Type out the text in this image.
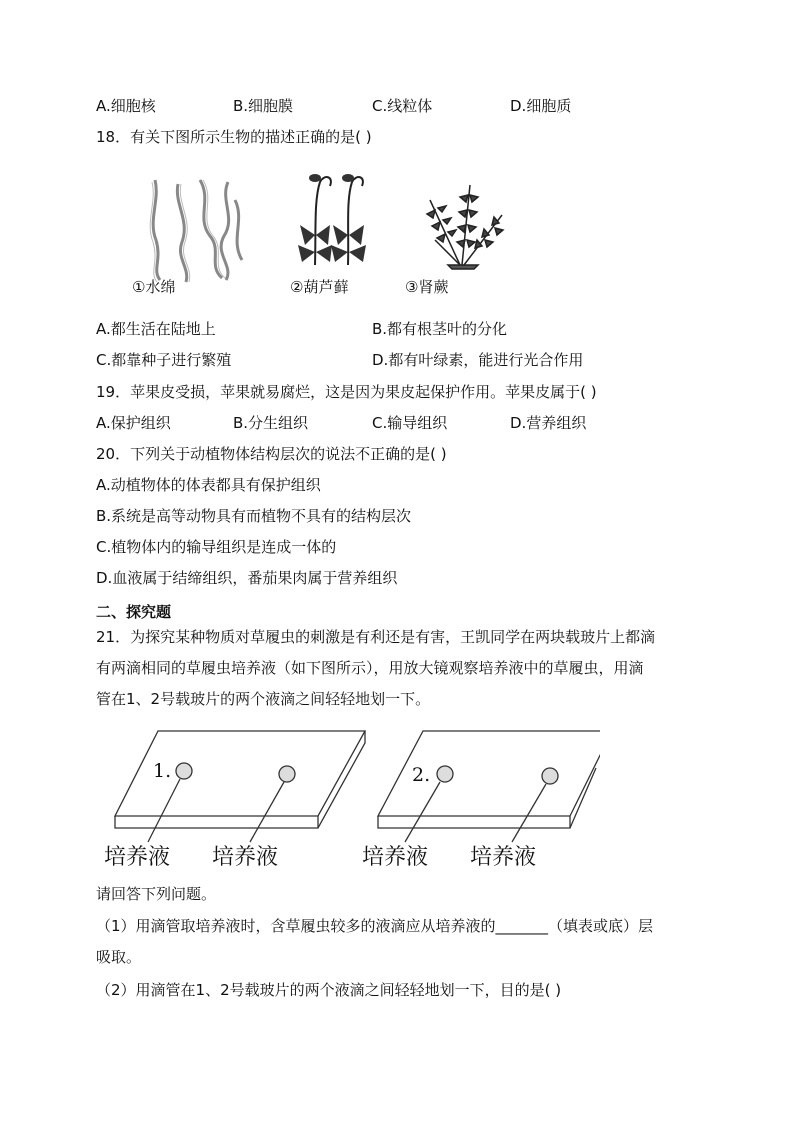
A.细胞核	B.细胞膜	C.线粒体	D.细胞质
18．有关下图所示生物的描述正确的是( )
①水绵	②葫芦藓	③肾蕨
A.都生活在陆地上	B.都有根茎叶的分化
C.都靠种子进行繁殖	D.都有叶绿素，能进行光合作用
19．苹果皮受损，苹果就易腐烂，这是因为果皮起保护作用。苹果皮属于( )
A.保护组织	B.分生组织	C.输导组织	D.营养组织
20．下列关于动植物体结构层次的说法不正确的是( )
A.动植物体的体表都具有保护组织
B.系统是高等动物具有而植物不具有的结构层次
C.植物体内的输导组织是连成一体的
D.血液属于结缔组织，番茄果肉属于营养组织
二、探究题
21．为探究某种物质对草履虫的刺激是有利还是有害，王凯同学在两块载玻片上都滴
有两滴相同的草履虫培养液（如下图所示），用放大镜观察培养液中的草履虫，用滴
管在1、2号载玻片的两个液滴之间轻轻地划一下。
1.	2.
培养液 培养液	培养液 培养液
请回答下列问题。
（1）用滴管取培养液时，含草履虫较多的液滴应从培养液的_______（填表或底）层
吸取。
（2）用滴管在1、2号载玻片的两个液滴之间轻轻地划一下，目的是( )
